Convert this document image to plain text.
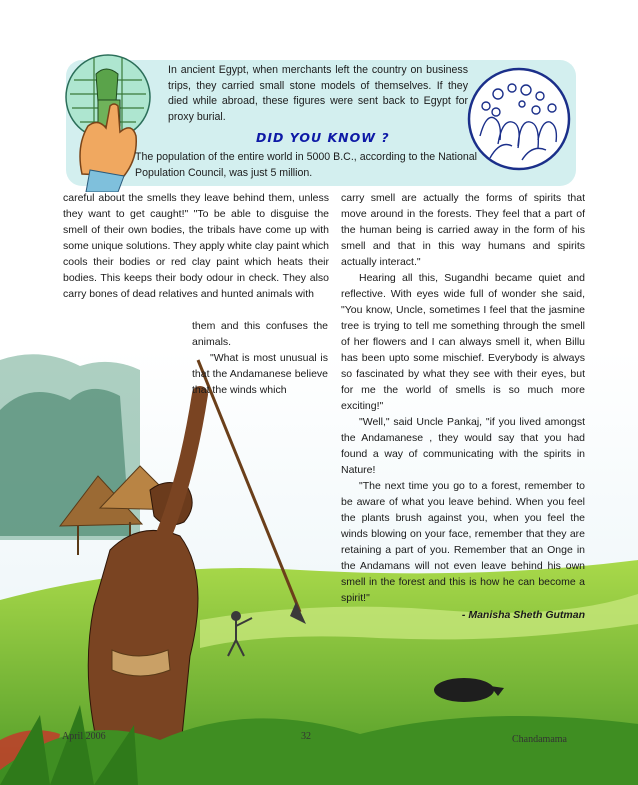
In ancient Egypt, when merchants left the country on business trips, they carried small stone models of themselves. If they died while abroad, these figures were sent back to Egypt for proxy burial.
DID YOU KNOW ?
The population of the entire world in 5000 B.C., according to the National Population Council, was just 5 million.

careful about the smells they leave behind them, unless they want to get caught!" "To be able to disguise the smell of their own bodies, the tribals have come up with some unique solutions. They apply white clay paint which cools their bodies or red clay paint which heats their bodies. This keeps their body odour in check. They also carry bones of dead relatives and hunted animals with

them and this confuses the animals.

"What is most unusual is that the Andamanese believe that the winds which

carry smell are actually the forms of spirits that move around in the forests. They feel that a part of the human being is carried away in the form of his smell and that in this way humans and spirits actually interact."

Hearing all this, Sugandhi became quiet and reflective. With eyes wide full of wonder she said, "You know, Uncle, sometimes I feel that the jasmine tree is trying to tell me something through the smell of her flowers and I can always smell it, when Billu has been upto some mischief. Everybody is always so fascinated by what they see with their eyes, but for me the world of smells is so much more exciting!"

"Well," said Uncle Pankaj, "if you lived amongst the Andamanese , they would say that you had found a way of communicating with the spirits in Nature!

"The next time you go to a forest, remember to be aware of what you leave behind. When you feel the plants brush against you, when you feel the winds blowing on your face, remember that they are retaining a part of you. Remember that an Onge in the Andamans will not even leave behind his own smell in the forest and this is how he can become a spirit!"

- Manisha Sheth Gutman

April 2006	32	Chandamama
